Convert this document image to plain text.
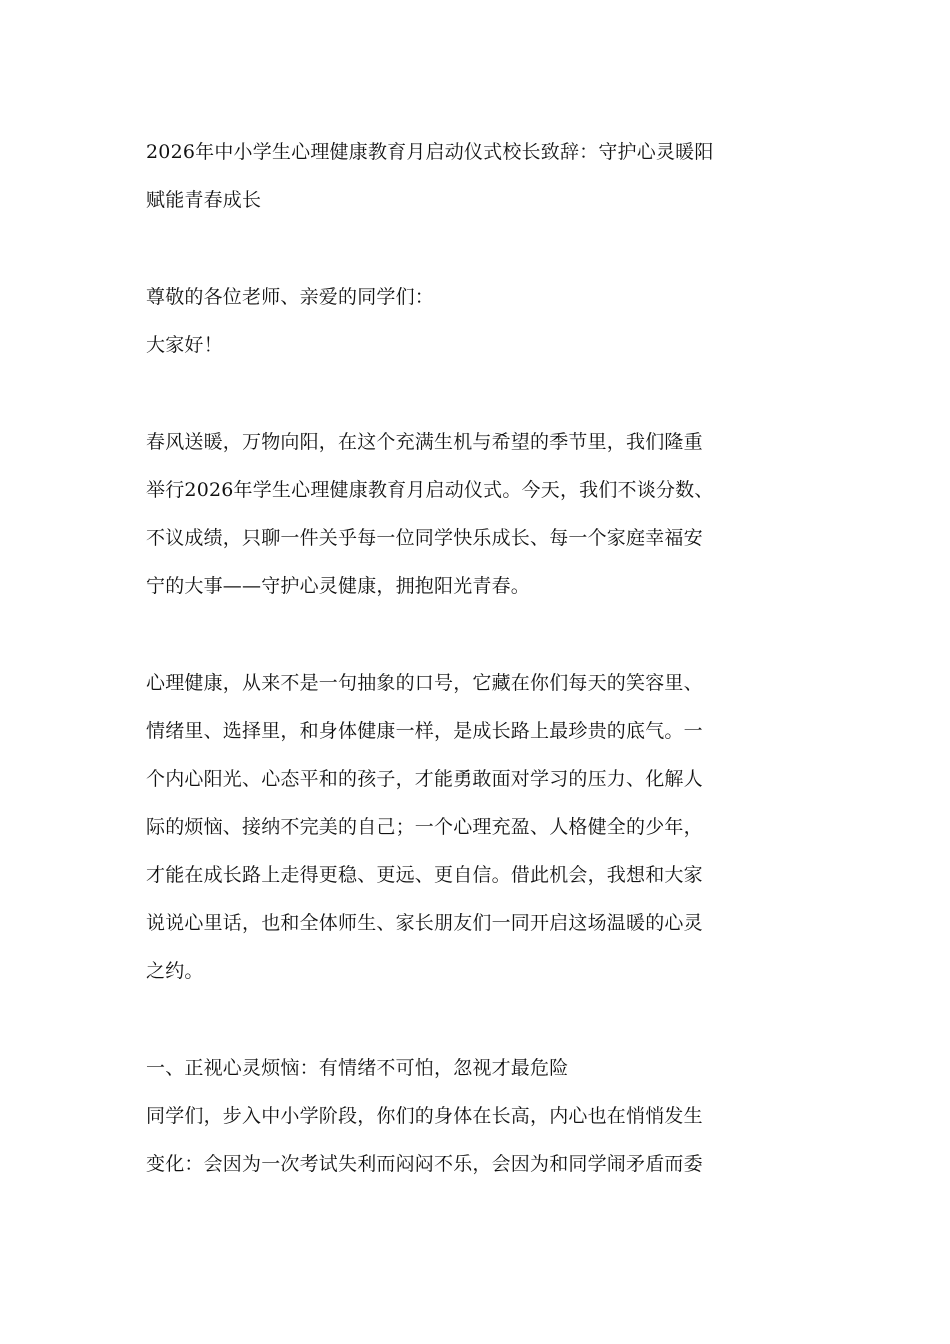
2026年中小学生心理健康教育月启动仪式校长致辞：守护心灵暖阳
赋能青春成长
尊敬的各位老师、亲爱的同学们：
大家好！
春风送暖，万物向阳，在这个充满生机与希望的季节里，我们隆重
举行2026年学生心理健康教育月启动仪式。今天，我们不谈分数、
不议成绩，只聊一件关乎每一位同学快乐成长、每一个家庭幸福安
宁的大事——守护心灵健康，拥抱阳光青春。
心理健康，从来不是一句抽象的口号，它藏在你们每天的笑容里、
情绪里、选择里，和身体健康一样，是成长路上最珍贵的底气。一
个内心阳光、心态平和的孩子，才能勇敢面对学习的压力、化解人
际的烦恼、接纳不完美的自己；一个心理充盈、人格健全的少年，
才能在成长路上走得更稳、更远、更自信。借此机会，我想和大家
说说心里话，也和全体师生、家长朋友们一同开启这场温暖的心灵
之约。
一、正视心灵烦恼：有情绪不可怕，忽视才最危险
同学们，步入中小学阶段，你们的身体在长高，内心也在悄悄发生
变化：会因为一次考试失利而闷闷不乐，会因为和同学闹矛盾而委
